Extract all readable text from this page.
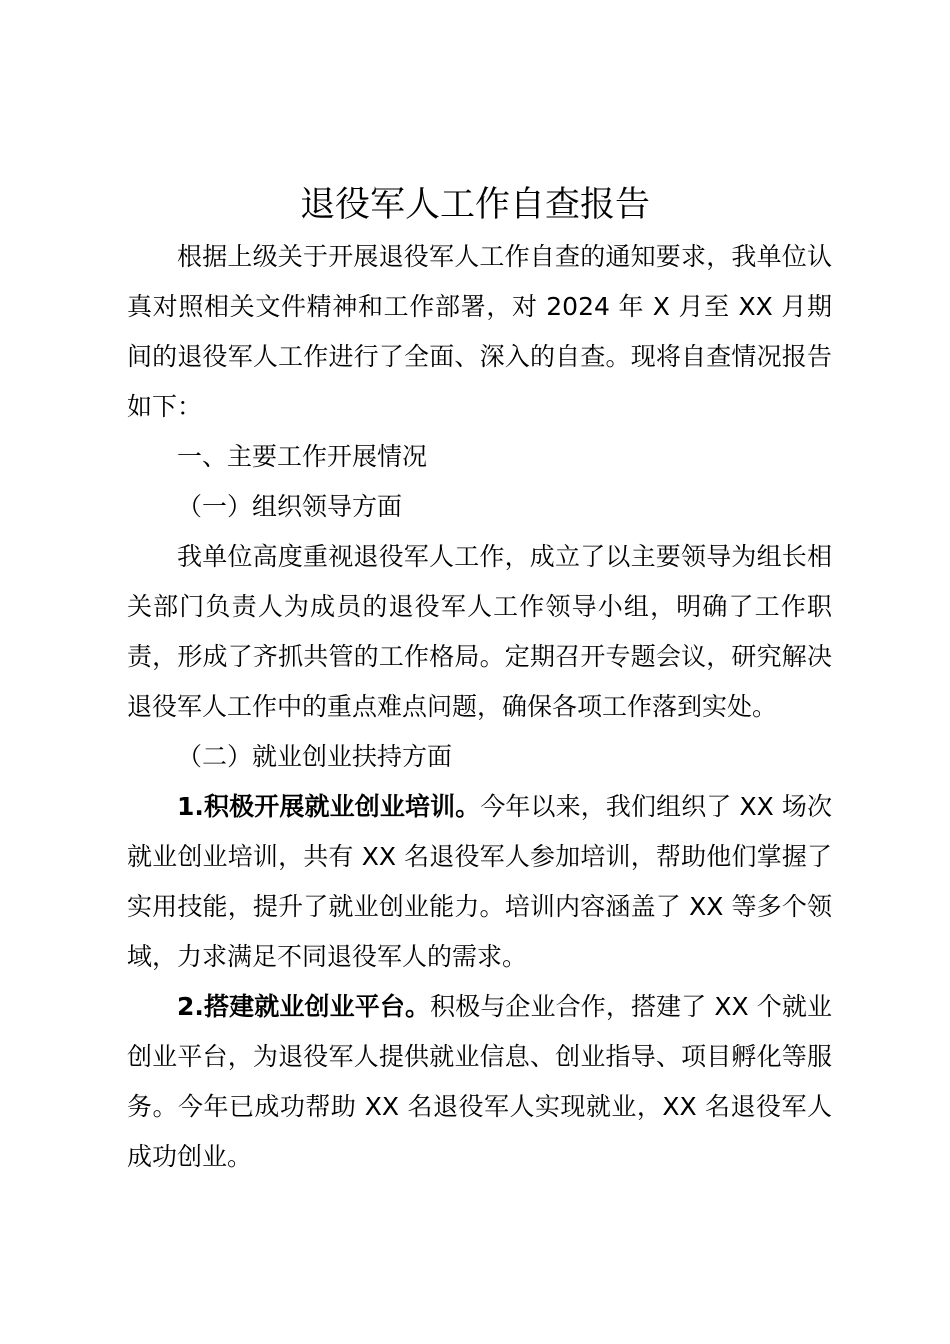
退役军人工作自查报告

根据上级关于开展退役军人工作自查的通知要求，我单位认真对照相关文件精神和工作部署，对 2024 年 X 月至 XX 月期间的退役军人工作进行了全面、深入的自查。现将自查情况报告如下：

一、主要工作开展情况

（一）组织领导方面

我单位高度重视退役军人工作，成立了以主要领导为组长相关部门负责人为成员的退役军人工作领导小组，明确了工作职责，形成了齐抓共管的工作格局。定期召开专题会议，研究解决退役军人工作中的重点难点问题，确保各项工作落到实处。

（二）就业创业扶持方面

1.积极开展就业创业培训。今年以来，我们组织了 XX 场次就业创业培训，共有 XX 名退役军人参加培训，帮助他们掌握了实用技能，提升了就业创业能力。培训内容涵盖了 XX 等多个领域，力求满足不同退役军人的需求。

2.搭建就业创业平台。积极与企业合作，搭建了 XX 个就业创业平台，为退役军人提供就业信息、创业指导、项目孵化等服务。今年已成功帮助 XX 名退役军人实现就业，XX 名退役军人成功创业。
